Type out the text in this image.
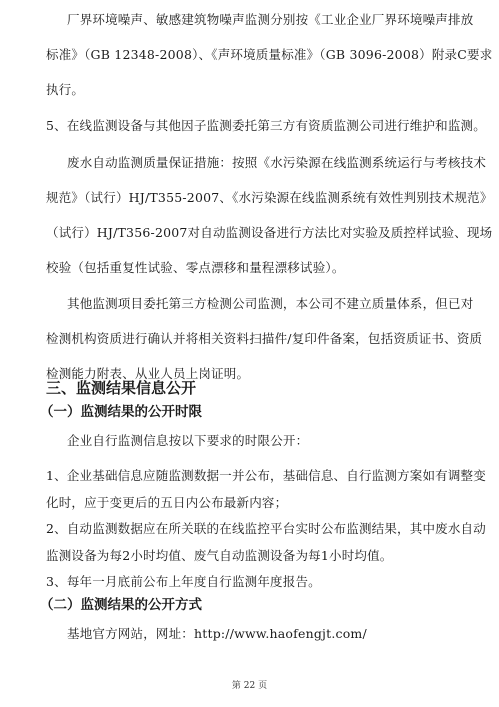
厂界环境噪声、敏感建筑物噪声监测分别按《工业企业厂界环境噪声排放
标准》（GB 12348-2008）、《声环境质量标准》（GB 3096-2008）附录C要求
执行。
5、在线监测设备与其他因子监测委托第三方有资质监测公司进行维护和监测。
废水自动监测质量保证措施：按照《水污染源在线监测系统运行与考核技术
规范》（试行）HJ/T355-2007、《水污染源在线监测系统有效性判别技术规范》
（试行）HJ/T356-2007对自动监测设备进行方法比对实验及质控样试验、现场
校验（包括重复性试验、零点漂移和量程漂移试验）。
其他监测项目委托第三方检测公司监测，本公司不建立质量体系，但已对
检测机构资质进行确认并将相关资料扫描件/复印件备案，包括资质证书、资质
检测能力附表、从业人员上岗证明。
三、监测结果信息公开
（一）监测结果的公开时限
企业自行监测信息按以下要求的时限公开：
1、企业基础信息应随监测数据一并公布，基础信息、自行监测方案如有调整变
化时，应于变更后的五日内公布最新内容；
2、自动监测数据应在所关联的在线监控平台实时公布监测结果，其中废水自动
监测设备为每2小时均值、废气自动监测设备为每1小时均值。
3、每年一月底前公布上年度自行监测年度报告。
（二）监测结果的公开方式
基地官方网站，网址：http://www.haofengjt.com/
第 22 页
